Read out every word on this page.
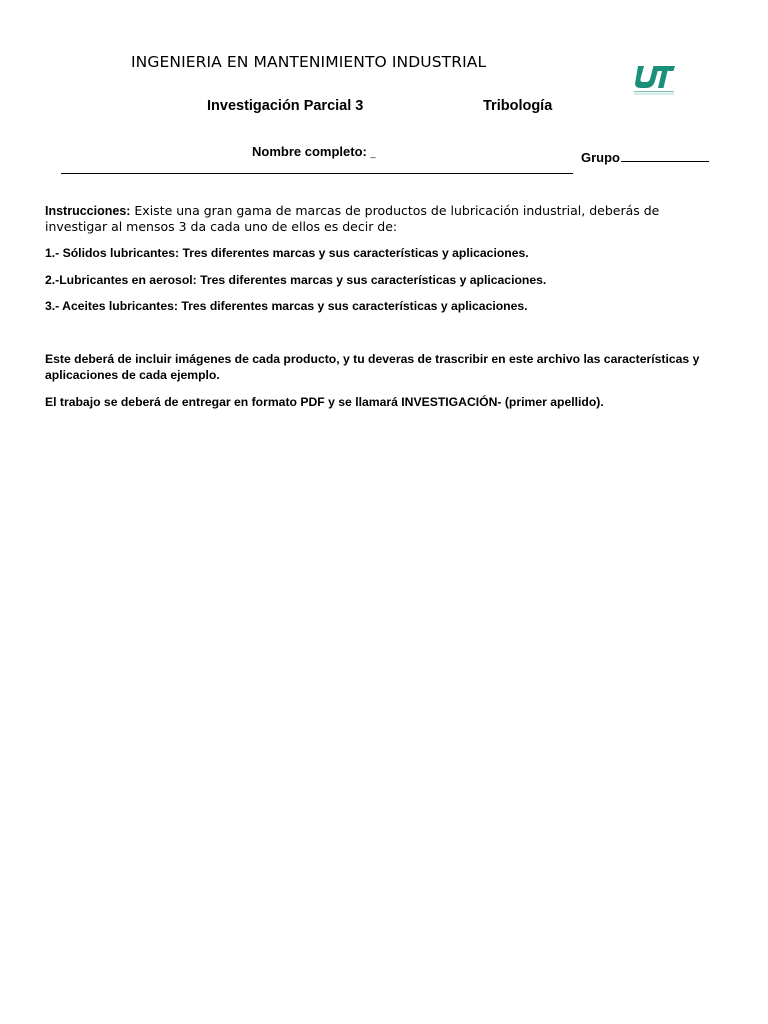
INGENIERIA EN MANTENIMIENTO INDUSTRIAL
Investigación Parcial 3	Tribología
Nombre completo: _	Grupo
Instrucciones: Existe una gran gama de marcas de productos de lubricación industrial, deberás de investigar al mensos 3 da cada uno de ellos es decir de:
1.- Sólidos lubricantes: Tres diferentes marcas y sus características y aplicaciones.
2.-Lubricantes en aerosol: Tres diferentes marcas y sus características y aplicaciones.
3.- Aceites lubricantes: Tres diferentes marcas y sus características y aplicaciones.
Este deberá de incluir imágenes de cada producto, y tu deveras de trascribir en este archivo las características y aplicaciones de cada ejemplo.
El trabajo se deberá de entregar en formato PDF y se llamará INVESTIGACIÓN- (primer apellido).
